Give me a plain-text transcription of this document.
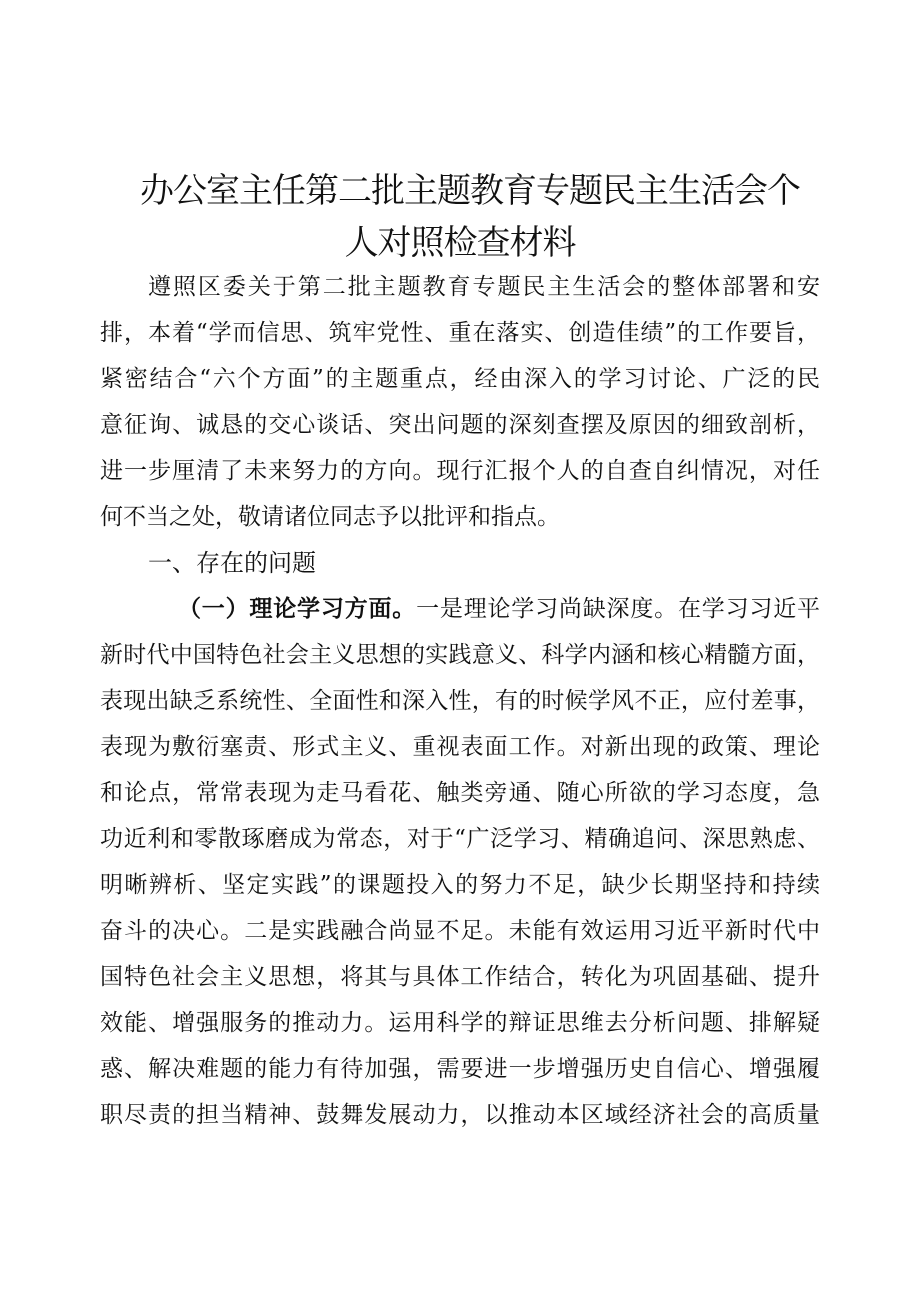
办公室主任第二批主题教育专题民主生活会个
人对照检查材料
遵照区委关于第二批主题教育专题民主生活会的整体部署和安
排，本着“学而信思、筑牢党性、重在落实、创造佳绩”的工作要旨，
紧密结合“六个方面”的主题重点，经由深入的学习讨论、广泛的民
意征询、诚恳的交心谈话、突出问题的深刻查摆及原因的细致剖析，
进一步厘清了未来努力的方向。现行汇报个人的自查自纠情况，对任
何不当之处，敬请诸位同志予以批评和指点。
一、存在的问题
（一）理论学习方面。一是理论学习尚缺深度。在学习习近平
新时代中国特色社会主义思想的实践意义、科学内涵和核心精髓方面，
表现出缺乏系统性、全面性和深入性，有的时候学风不正，应付差事，
表现为敷衍塞责、形式主义、重视表面工作。对新出现的政策、理论
和论点，常常表现为走马看花、触类旁通、随心所欲的学习态度，急
功近利和零散琢磨成为常态，对于“广泛学习、精确追问、深思熟虑、
明晰辨析、坚定实践”的课题投入的努力不足，缺少长期坚持和持续
奋斗的决心。二是实践融合尚显不足。未能有效运用习近平新时代中
国特色社会主义思想，将其与具体工作结合，转化为巩固基础、提升
效能、增强服务的推动力。运用科学的辩证思维去分析问题、排解疑
惑、解决难题的能力有待加强，需要进一步增强历史自信心、增强履
职尽责的担当精神、鼓舞发展动力，以推动本区域经济社会的高质量
